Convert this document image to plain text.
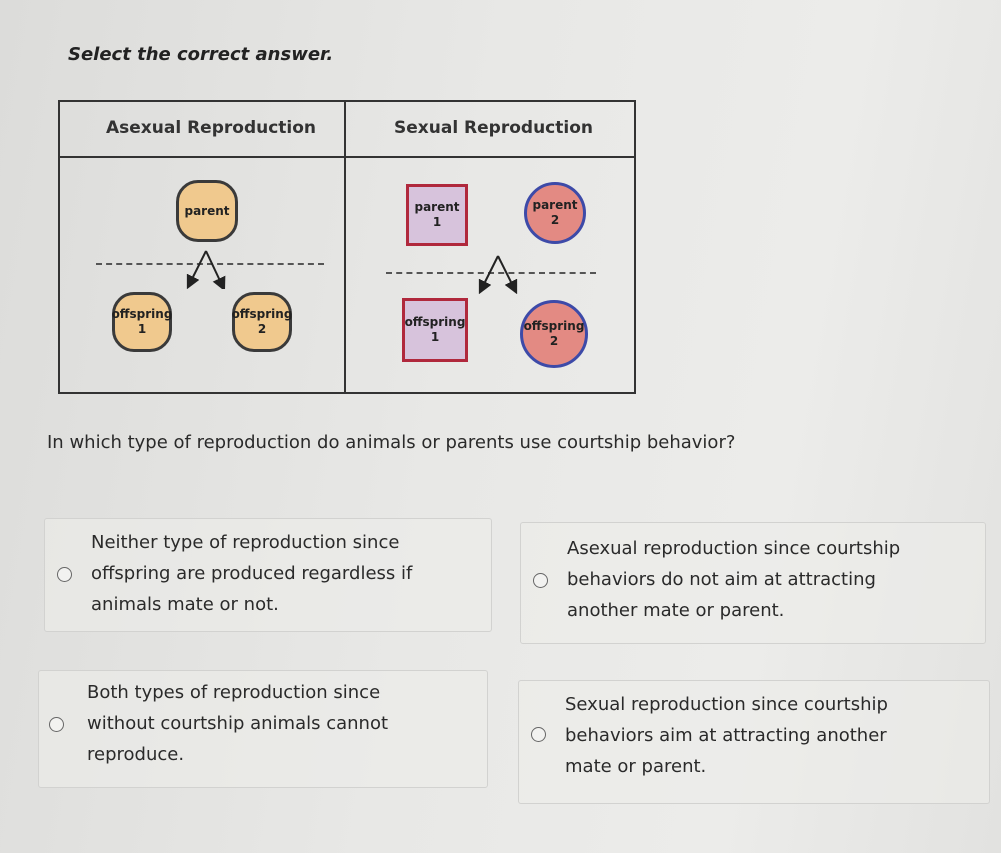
Select the correct answer.
Asexual Reproduction	Sexual Reproduction
parent
offspring
1
offspring
2
parent
1
parent
2
offspring
1
offspring
2
In which type of reproduction do animals or parents use courtship behavior?
Neither type of reproduction since
offspring are produced regardless if
animals mate or not.
Asexual reproduction since courtship
behaviors do not aim at attracting
another mate or parent.
Both types of reproduction since
without courtship animals cannot
reproduce.
Sexual reproduction since courtship
behaviors aim at attracting another
mate or parent.
